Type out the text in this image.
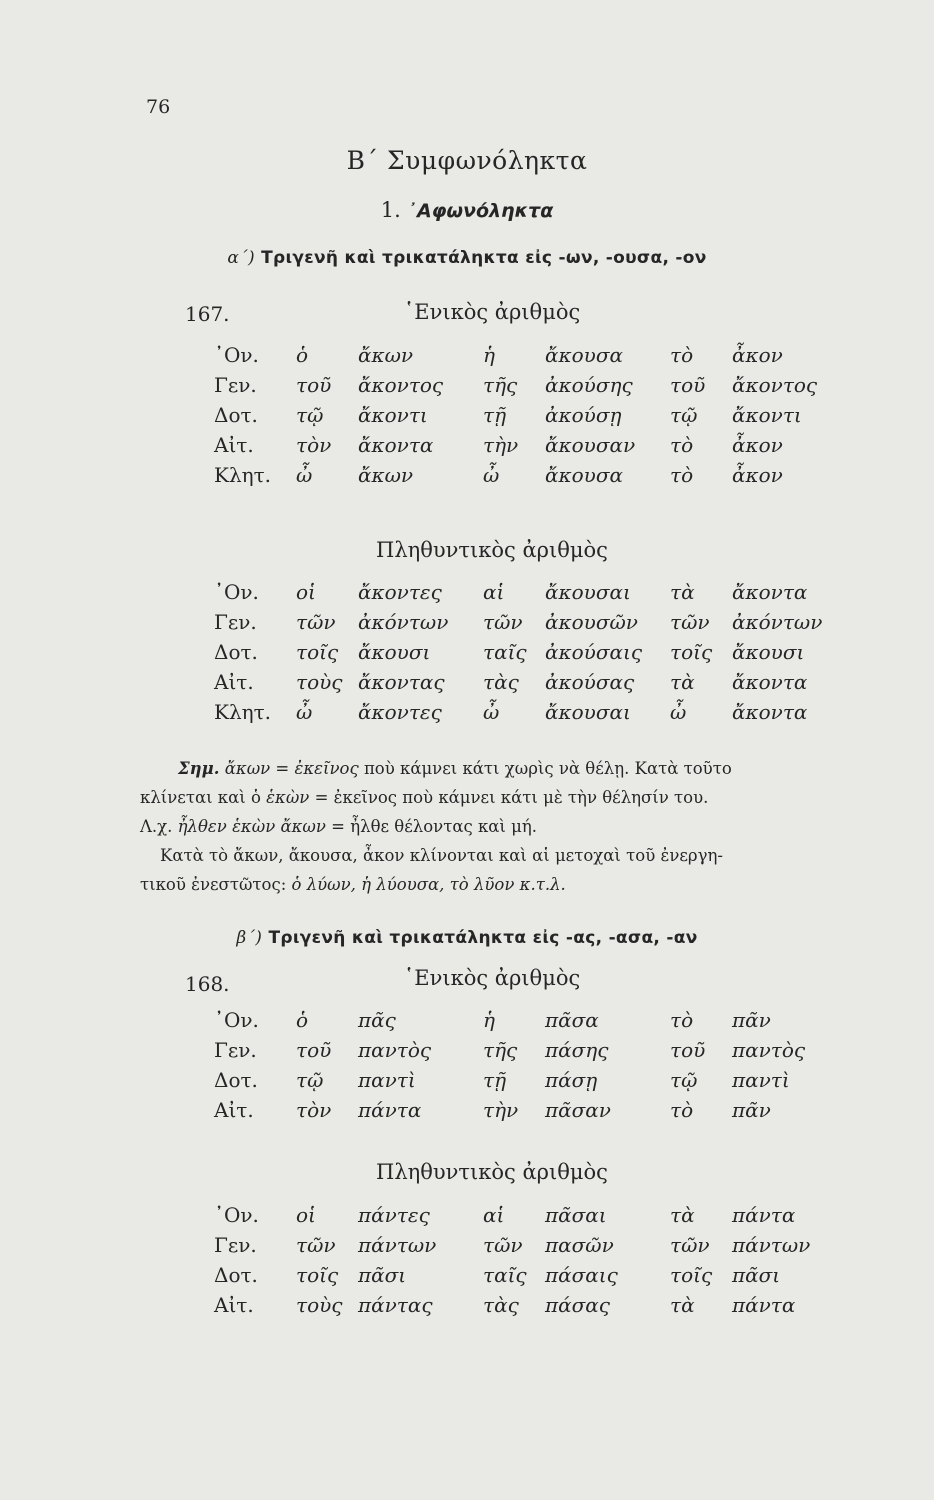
76
Β΄ Συμφωνόληκτα
1. ᾿Αφωνόληκτα
α΄) Τριγενῆ καὶ τρικατάληκτα εἰς -ων, -ουσα, -ον
167.	῾Ενικὸς ἀριθμὸς
᾿Ον.	ὁ	ἄκων	ἡ	ἄκουσα	τὸ	ἆκον
Γεν.	τοῦ	ἄκοντος	τῆς	ἀκούσης	τοῦ	ἄκοντος
Δοτ.	τῷ	ἄκοντι	τῇ	ἀκούσῃ	τῷ	ἄκοντι
Αἰτ.	τὸν	ἄκοντα	τὴν	ἄκουσαν	τὸ	ἆκον
Κλητ.	ὦ	ἄκων	ὦ	ἄκουσα	τὸ	ἆκον
Πληθυντικὸς ἀριθμὸς
᾿Ον.	οἱ	ἄκοντες	αἱ	ἄκουσαι	τὰ	ἄκοντα
Γεν.	τῶν	ἀκόντων	τῶν	ἀκουσῶν	τῶν	ἀκόντων
Δοτ.	τοῖς	ἄκουσι	ταῖς	ἀκούσαις	τοῖς	ἄκουσι
Αἰτ.	τοὺς	ἄκοντας	τὰς	ἀκούσας	τὰ	ἄκοντα
Κλητ.	ὦ	ἄκοντες	ὦ	ἄκουσαι	ὦ	ἄκοντα
Σημ. ἄκων = ἐκεῖνος ποὺ κάμνει κάτι χωρὶς νὰ θέλῃ. Κατὰ τοῦτο
κλίνεται καὶ ὁ ἑκὼν = ἐκεῖνος ποὺ κάμνει κάτι μὲ τὴν θέλησίν του.
Λ.χ. ἦλθεν ἑκὼν ἄκων = ἦλθε θέλοντας καὶ μή.
Κατὰ τὸ ἄκων, ἄκουσα, ἆκον κλίνονται καὶ αἱ μετοχαὶ τοῦ ἐνεργη-
τικοῦ ἐνεστῶτος: ὁ λύων, ἡ λύουσα, τὸ λῦον κ.τ.λ.
β΄) Τριγενῆ καὶ τρικατάληκτα εἰς -ας, -ασα, -αν
168.	῾Ενικὸς ἀριθμὸς
᾿Ον.	ὁ	πᾶς	ἡ	πᾶσα	τὸ	πᾶν
Γεν.	τοῦ	παντὸς	τῆς	πάσης	τοῦ	παντὸς
Δοτ.	τῷ	παντὶ	τῇ	πάσῃ	τῷ	παντὶ
Αἰτ.	τὸν	πάντα	τὴν	πᾶσαν	τὸ	πᾶν
Πληθυντικὸς ἀριθμὸς
᾿Ον.	οἱ	πάντες	αἱ	πᾶσαι	τὰ	πάντα
Γεν.	τῶν	πάντων	τῶν	πασῶν	τῶν	πάντων
Δοτ.	τοῖς	πᾶσι	ταῖς	πάσαις	τοῖς	πᾶσι
Αἰτ.	τοὺς	πάντας	τὰς	πάσας	τὰ	πάντα
